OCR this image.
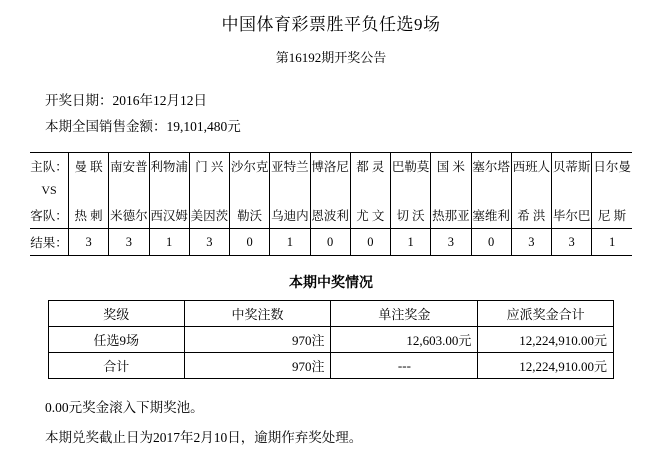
中国体育彩票胜平负任选9场
第16192期开奖公告
开奖日期：2016年12月12日
本期全国销售金额：19,101,480元
主队：	曼 联	南安普	利物浦	门 兴	沙尔克	亚特兰	博洛尼	都 灵	巴勒莫	国 米	塞尔塔	西班人	贝蒂斯	日尔曼
VS														
客队：	热 刺	米德尔	西汉姆	美因茨	勒沃	乌迪内	恩波利	尤 文	切 沃	热那亚	塞维利	希 洪	毕尔巴	尼 斯
结果：	3	3	1	3	0	1	0	0	1	3	0	3	3	1
本期中奖情况
奖级	中奖注数	单注奖金	应派奖金合计
任选9场	970注	12,603.00元	12,224,910.00元
合计	970注	---	12,224,910.00元
0.00元奖金滚入下期奖池。
本期兑奖截止日为2017年2月10日，逾期作弃奖处理。
